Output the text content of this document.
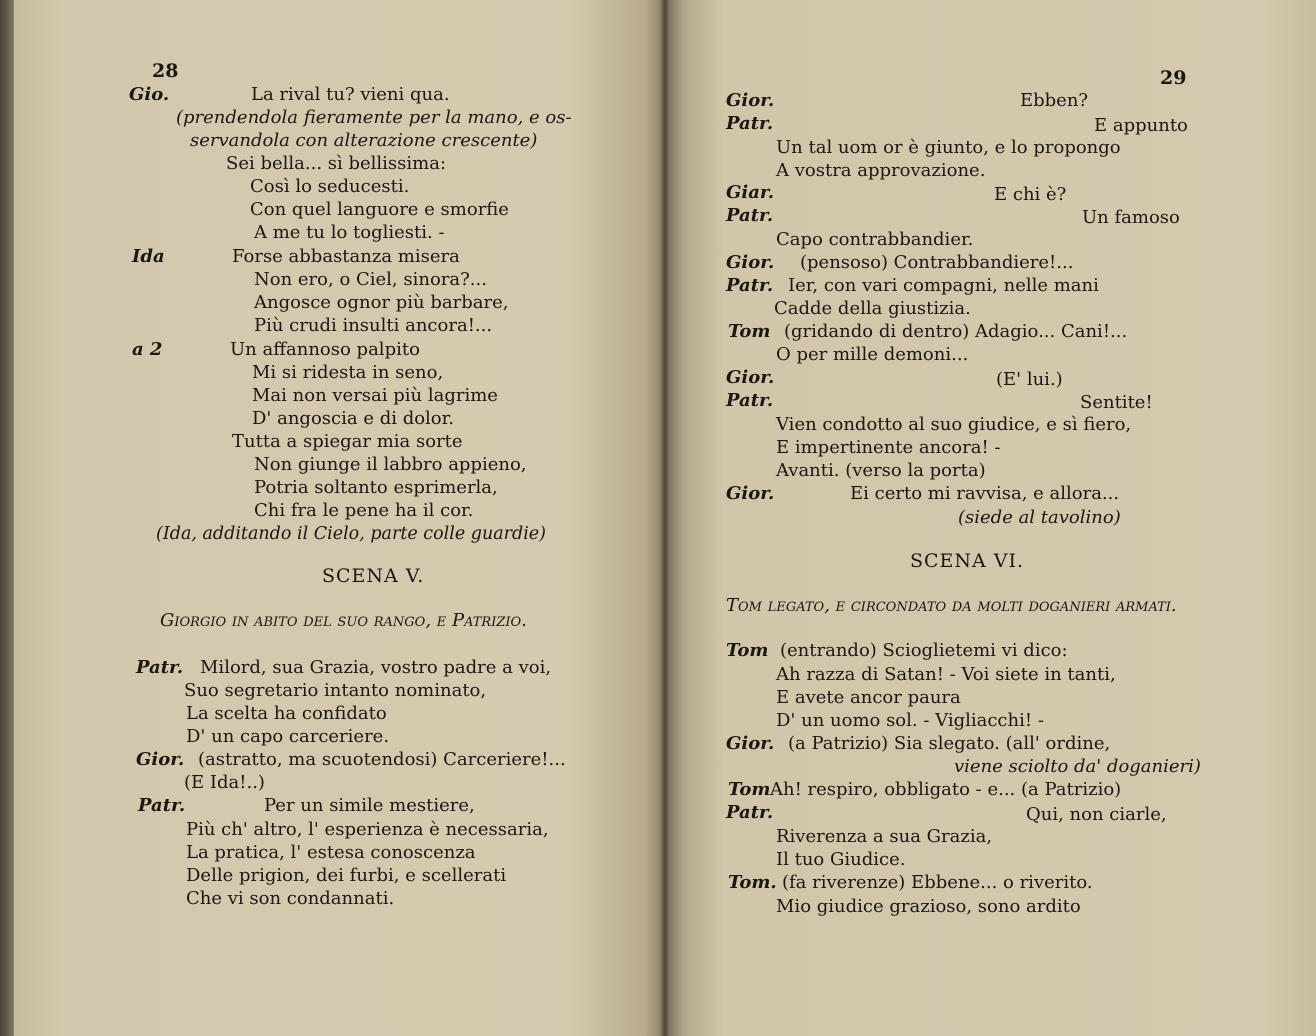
28
Gio.	La rival tu? vieni qua.
(prendendola fieramente per la mano, e os-
servandola con alterazione crescente)
Sei bella... sì bellissima:
Così lo seducesti.
Con quel languore e smorfie
A me tu lo togliesti. -
Ida	Forse abbastanza misera
Non ero, o Ciel, sinora?...
Angosce ognor più barbare,
Più crudi insulti ancora!...
a 2	Un affannoso palpito
Mi si ridesta in seno,
Mai non versai più lagrime
D' angoscia e di dolor.
Tutta a spiegar mia sorte
Non giunge il labbro appieno,
Potria soltanto esprimerla,
Chi fra le pene ha il cor.
(Ida, additando il Cielo, parte colle guardie)
SCENA V.
Giorgio in abito del suo rango, e Patrizio.
Patr. Milord, sua Grazia, vostro padre a voi,
Suo segretario intanto nominato,
La scelta ha confidato
D' un capo carceriere.
Gior. (astratto, ma scuotendosi) Carceriere!...
(E Ida!..)
Patr.	Per un simile mestiere,
Più ch' altro, l' esperienza è necessaria,
La pratica, l' estesa conoscenza
Delle prigion, dei furbi, e scellerati
Che vi son condannati.
29
Gior.	Ebben?
Patr.	E appunto
Un tal uom or è giunto, e lo propongo
A vostra approvazione.
Giar.	E chi è?
Patr.	Un famoso
Capo contrabbandier.
Gior. (pensoso) Contrabbandiere!...
Patr. Ier, con vari compagni, nelle mani
Cadde della giustizia.
Tom (gridando di dentro) Adagio... Cani!...
O per mille demoni...
Gior.	(E' lui.)
Patr.	Sentite!
Vien condotto al suo giudice, e sì fiero,
E impertinente ancora! -
Avanti. (verso la porta)
Gior.	Ei certo mi ravvisa, e allora...
(siede al tavolino)
SCENA VI.
Tom legato, e circondato da molti doganieri armati.
Tom (entrando) Scioglietemi vi dico:
Ah razza di Satan! - Voi siete in tanti,
E avete ancor paura
D' un uomo sol. - Vigliacchi! -
Gior. (a Patrizio) Sia slegato. (all' ordine,
viene sciolto da' doganieri)
Tom Ah! respiro, obbligato - e... (a Patrizio)
Patr.	Qui, non ciarle,
Riverenza a sua Grazia,
Il tuo Giudice.
Tom. (fa riverenze) Ebbene... o riverito.
Mio giudice grazioso, sono ardito
